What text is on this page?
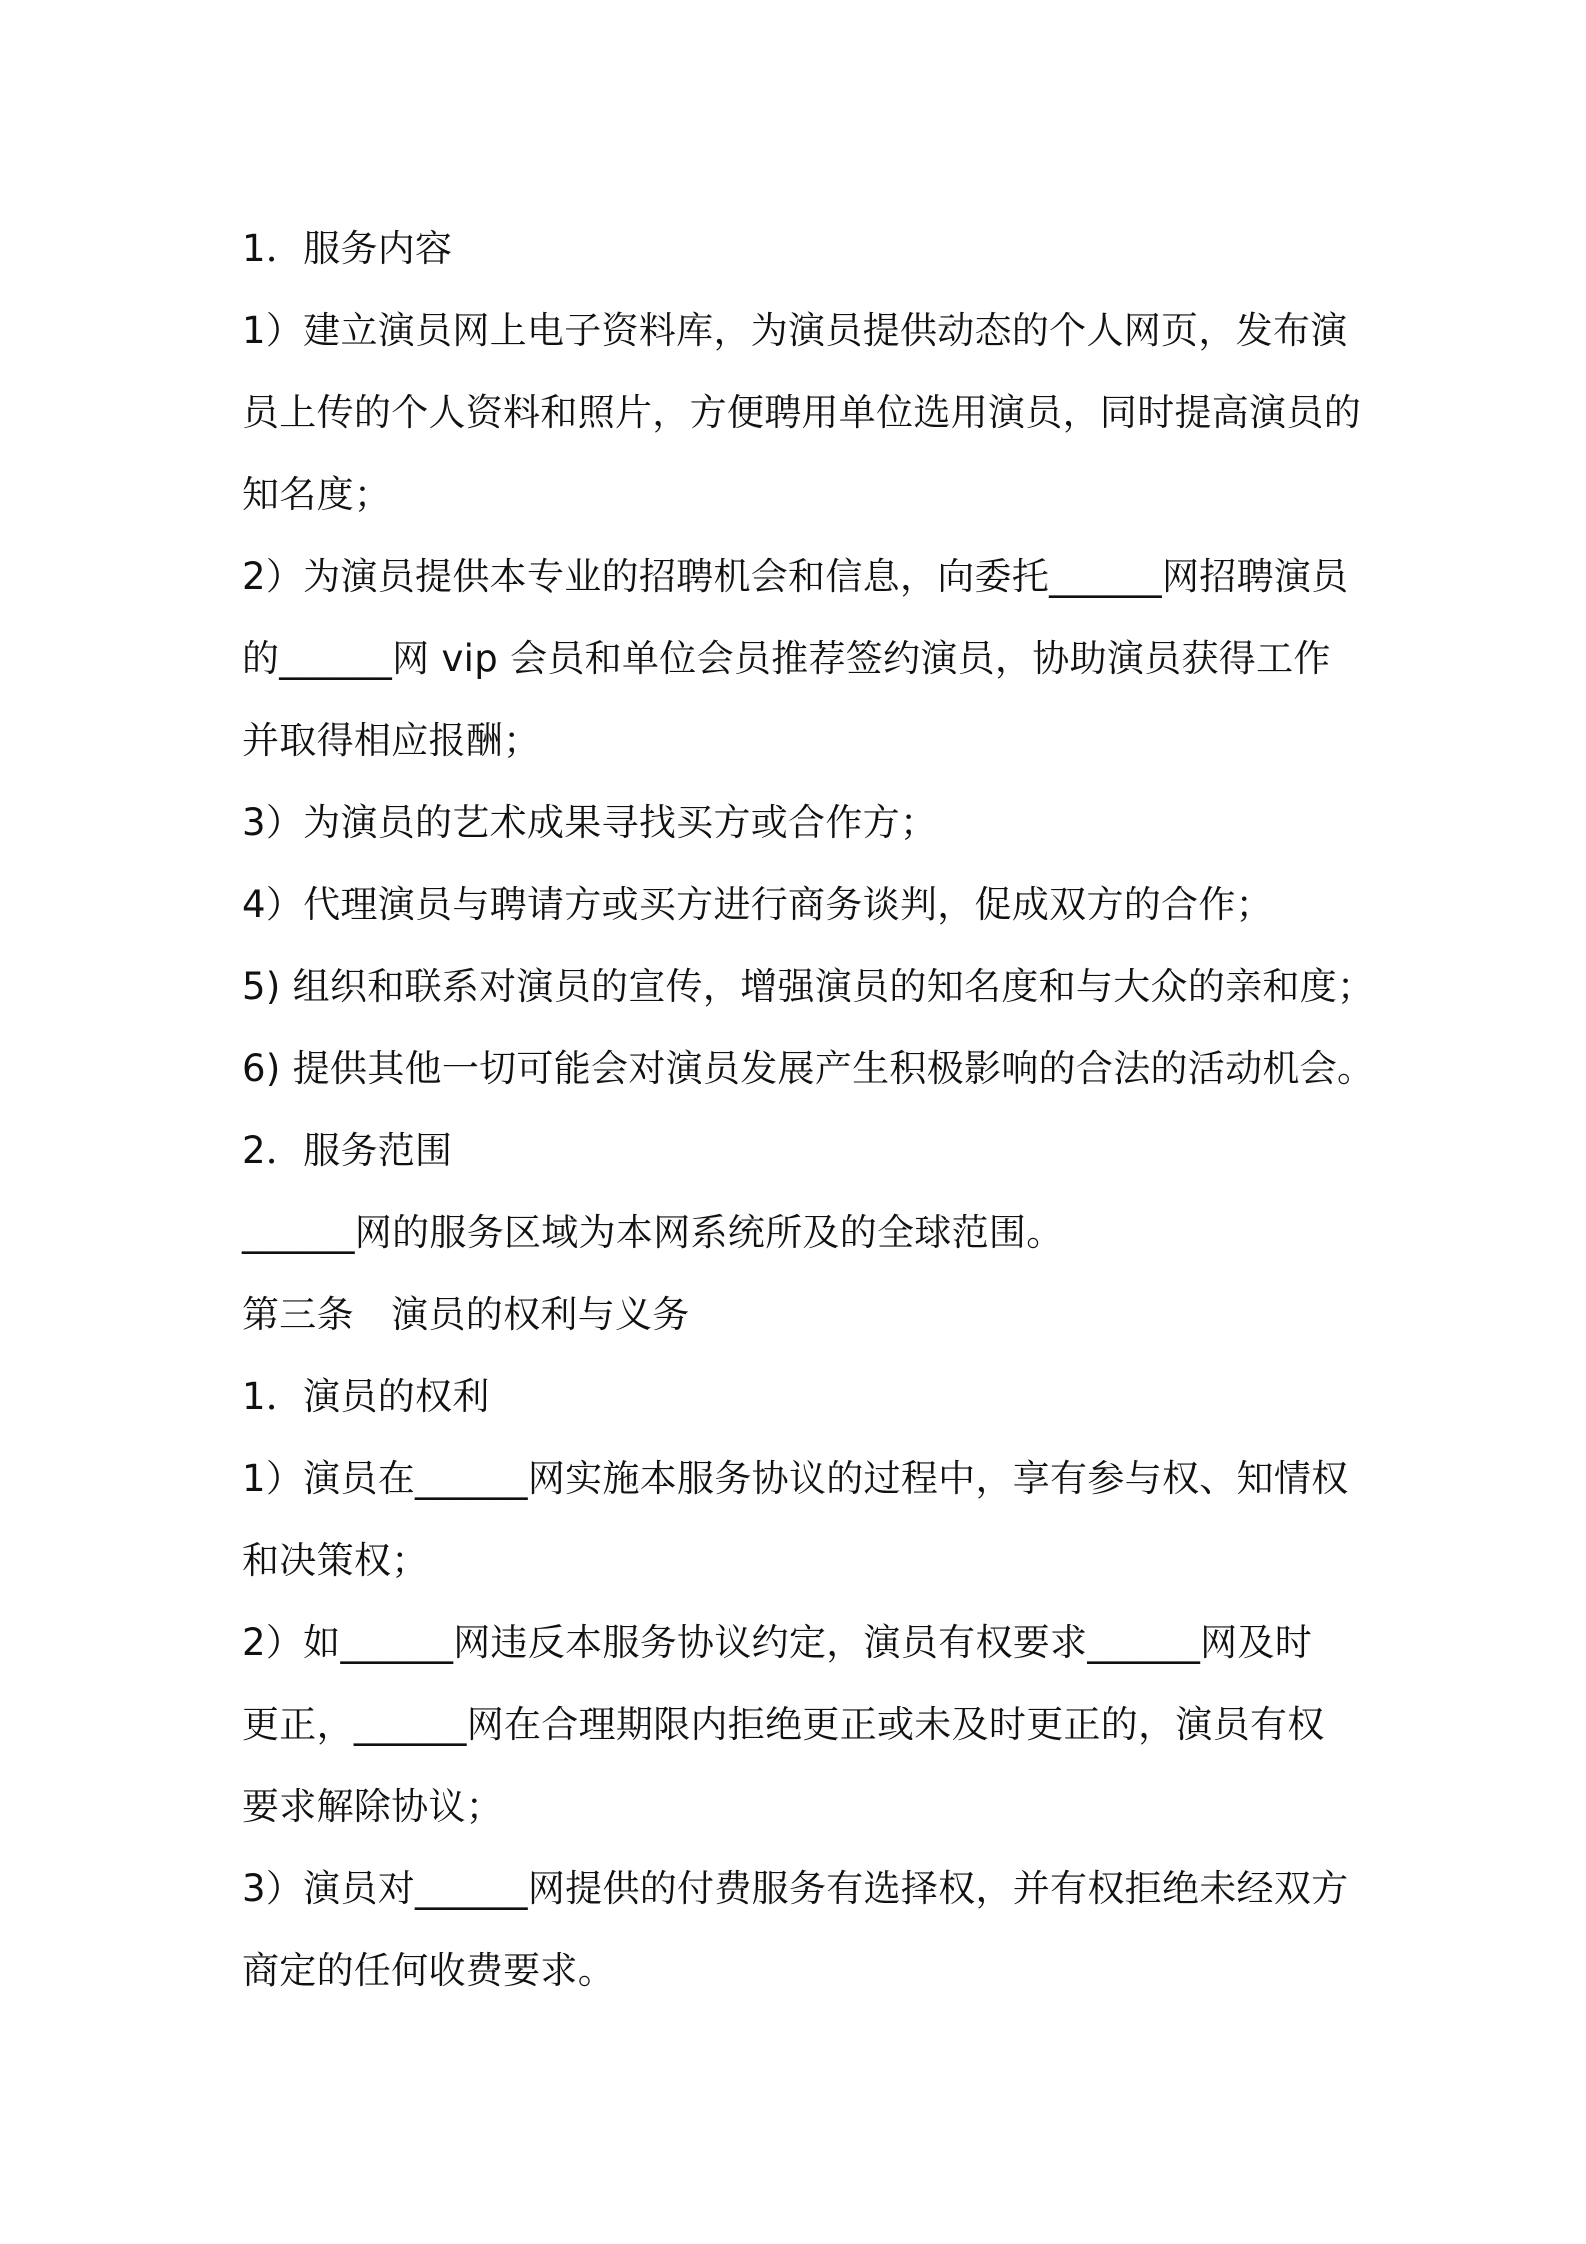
1．服务内容

1）建立演员网上电子资料库，为演员提供动态的个人网页，发布演

员上传的个人资料和照片，方便聘用单位选用演员，同时提高演员的

知名度；

2）为演员提供本专业的招聘机会和信息，向委托______网招聘演员

的______网 vip 会员和单位会员推荐签约演员，协助演员获得工作

并取得相应报酬；

3）为演员的艺术成果寻找买方或合作方；

4）代理演员与聘请方或买方进行商务谈判，促成双方的合作；

5) 组织和联系对演员的宣传，增强演员的知名度和与大众的亲和度；

6) 提供其他一切可能会对演员发展产生积极影响的合法的活动机会。

2．服务范围

______网的服务区域为本网系统所及的全球范围。

第三条　演员的权利与义务

1．演员的权利

1）演员在______网实施本服务协议的过程中，享有参与权、知情权

和决策权；

2）如______网违反本服务协议约定，演员有权要求______网及时

更正，______网在合理期限内拒绝更正或未及时更正的，演员有权

要求解除协议；

3）演员对______网提供的付费服务有选择权，并有权拒绝未经双方

商定的任何收费要求。
